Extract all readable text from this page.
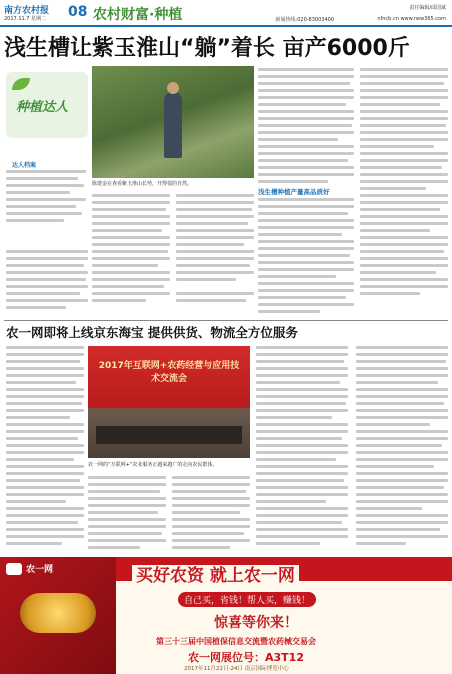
南方农村报
2017.11.7 星期二 08 农村财富·种植	责任编辑/邱国斌
新闻热线:020-83003400	nfncb.cn www.new365.com
浅生槽让紫玉淮山“躺”着长 亩产6000斤
种植达人
达人档案
陈建金在查看紫玉淮山长势，开得很的自然。
浅生槽种植产量高品质好
农一网即将上线京东海宝 提供供货、物流全方位服务
2017年互联网+农药经营与应用技术交流会
农一网的“互联网+”农业服务正越来越广的走向农民群体。
农一网	买好农资 就上农一网
自己买，省钱！帮人买，赚钱！
惊喜等你来！
第三十三届中国植保信息交流暨农药械交易会
农一网展位号：A3T12
2017年11月22日-24日 南京国际博览中心
